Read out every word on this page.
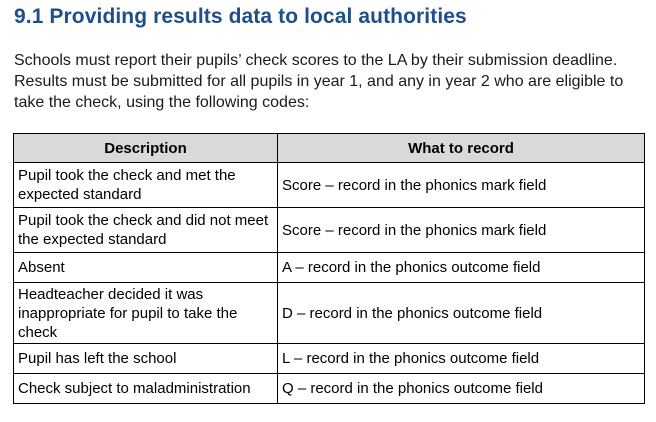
9.1 Providing results data to local authorities

Schools must report their pupils’ check scores to the LA by their submission deadline.
Results must be submitted for all pupils in year 1, and any in year 2 who are eligible to
take the check, using the following codes:

Description	What to record
Pupil took the check and met the expected standard	Score – record in the phonics mark field
Pupil took the check and did not meet the expected standard	Score – record in the phonics mark field
Absent	A – record in the phonics outcome field
Headteacher decided it was inappropriate for pupil to take the check	D – record in the phonics outcome field
Pupil has left the school	L – record in the phonics outcome field
Check subject to maladministration	Q – record in the phonics outcome field
